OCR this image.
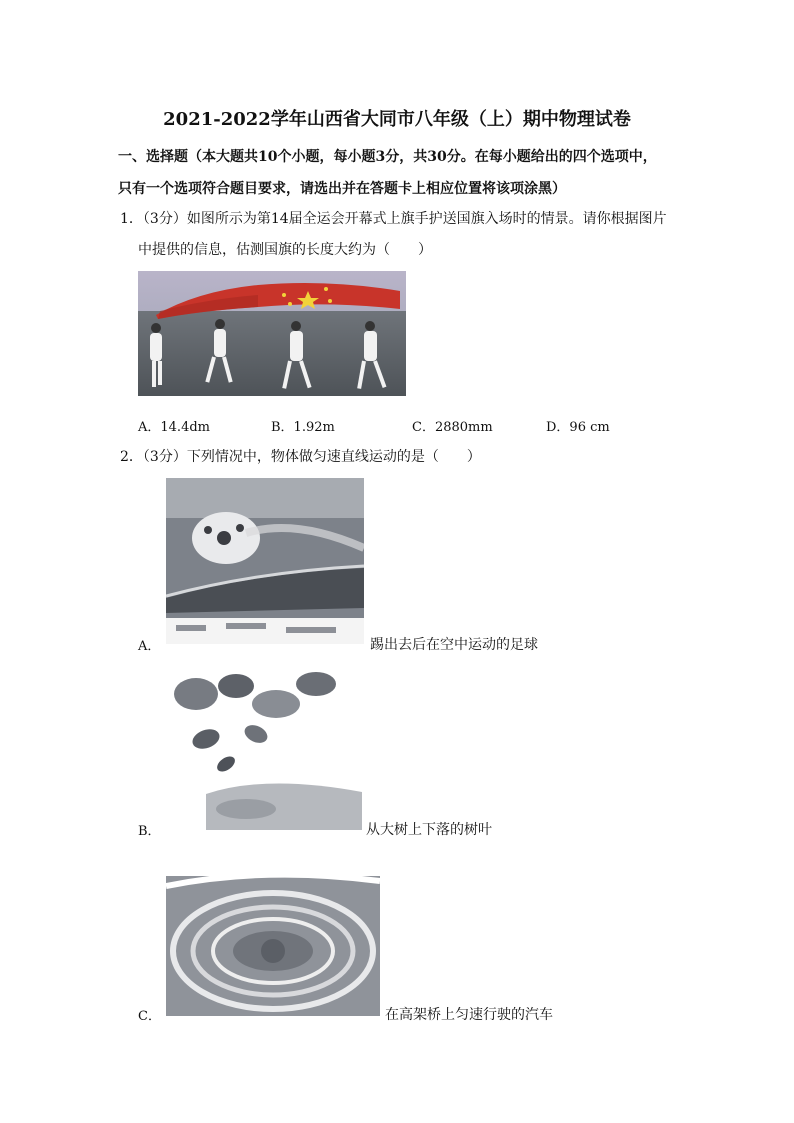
2021-2022学年山西省大同市八年级（上）期中物理试卷
一、选择题（本大题共10个小题，每小题3分，共30分。在每小题给出的四个选项中，
只有一个选项符合题目要求，请选出并在答题卡上相应位置将该项涂黑）
1．（3分）如图所示为第14届全运会开幕式上旗手护送国旗入场时的情景。请你根据图片
中提供的信息，估测国旗的长度大约为（　　）
A．14.4dm	B．1.92m	C．2880mm	D．96 cm
2．（3分）下列情况中，物体做匀速直线运动的是（　　）
A．	踢出去后在空中运动的足球
B．	从大树上下落的树叶
C．	在高架桥上匀速行驶的汽车
